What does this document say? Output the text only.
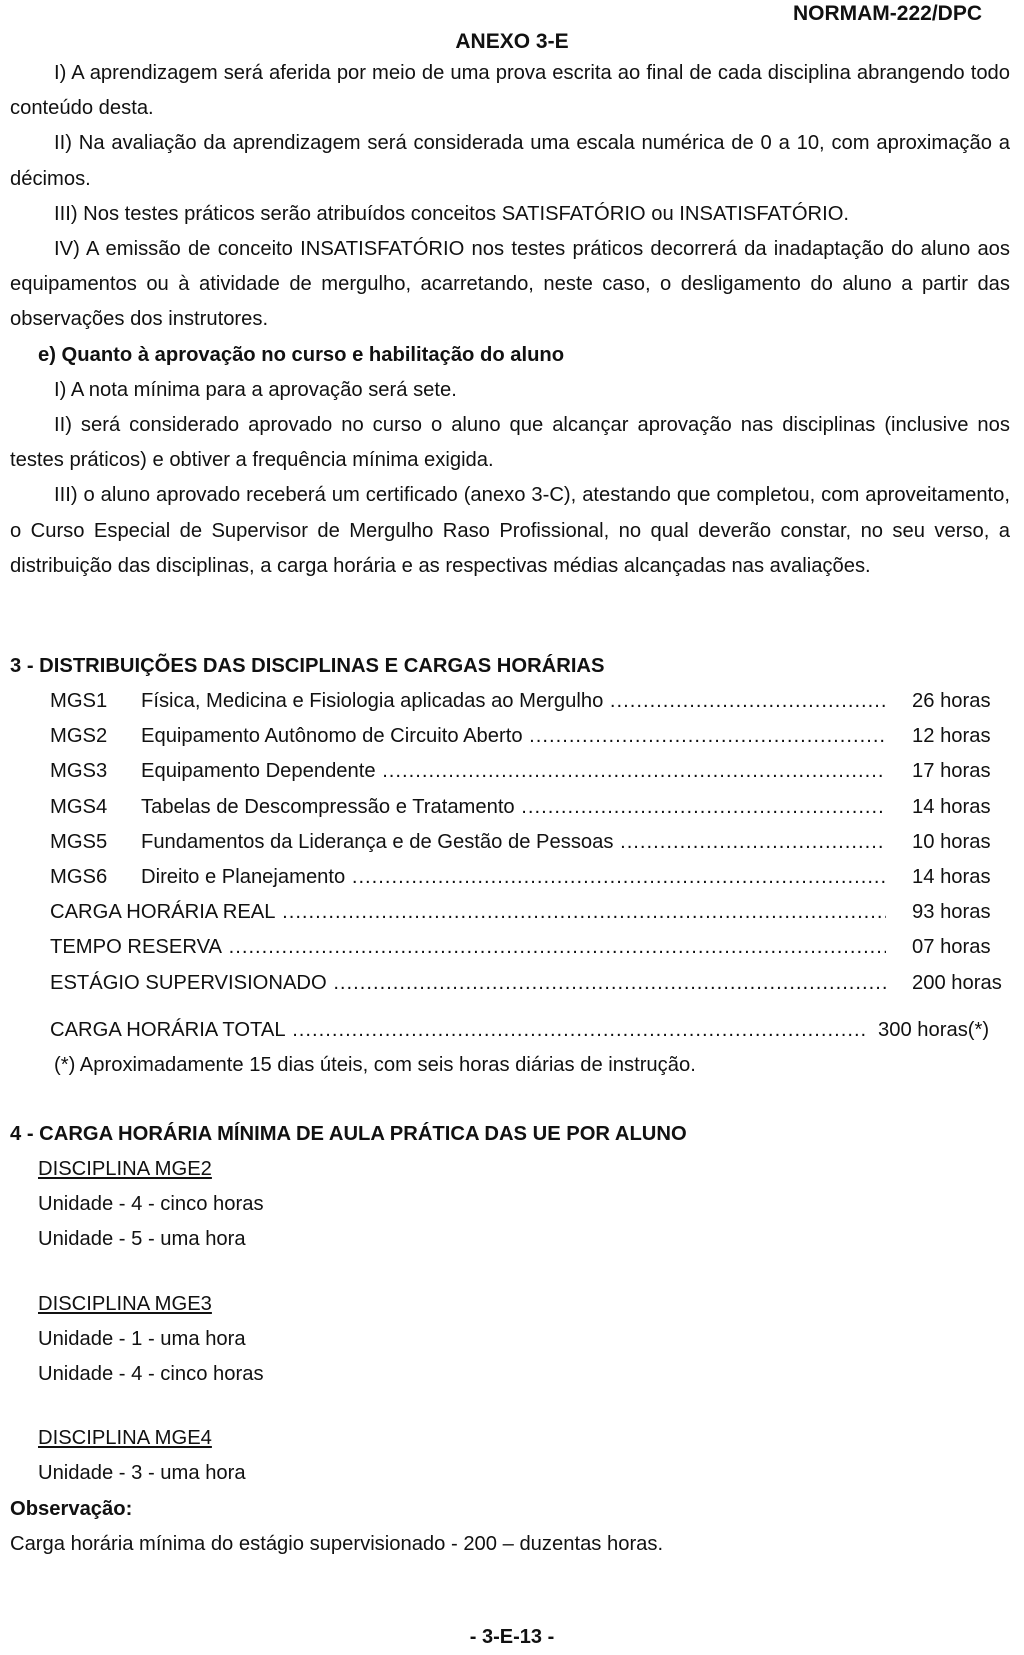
NORMAM-222/DPC
ANEXO 3-E

I) A aprendizagem será aferida por meio de uma prova escrita ao final de cada disciplina abrangendo todo conteúdo desta.

II) Na avaliação da aprendizagem será considerada uma escala numérica de 0 a 10, com aproximação a décimos.

III) Nos testes práticos serão atribuídos conceitos SATISFATÓRIO ou INSATISFATÓRIO.

IV) A emissão de conceito INSATISFATÓRIO nos testes práticos decorrerá da inadaptação do aluno aos equipamentos ou à atividade de mergulho, acarretando, neste caso, o desligamento do aluno a partir das observações dos instrutores.

e) Quanto à aprovação no curso e habilitação do aluno

I) A nota mínima para a aprovação será sete.

II) será considerado aprovado no curso o aluno que alcançar aprovação nas disciplinas (inclusive nos testes práticos) e obtiver a frequência mínima exigida.

III) o aluno aprovado receberá um certificado (anexo 3-C), atestando que completou, com aproveitamento, o Curso Especial de Supervisor de Mergulho Raso Profissional, no qual deverão constar, no seu verso, a distribuição das disciplinas, a carga horária e as respectivas médias alcançadas nas avaliações.

3 - DISTRIBUIÇÕES DAS DISCIPLINAS E CARGAS HORÁRIAS
MGS1 Física, Medicina e Fisiologia aplicadas ao Mergulho .....	26 horas
MGS2 Equipamento Autônomo de Circuito Aberto .....	12 horas
MGS3 Equipamento Dependente .....	17 horas
MGS4 Tabelas de Descompressão e Tratamento .....	14 horas
MGS5 Fundamentos da Liderança e de Gestão de Pessoas .....	10 horas
MGS6 Direito e Planejamento .....	14 horas
CARGA HORÁRIA REAL .....	93 horas
TEMPO RESERVA .....	07 horas
ESTÁGIO SUPERVISIONADO .....	200 horas
CARGA HORÁRIA TOTAL .....	300 horas(*)
(*) Aproximadamente 15 dias úteis, com seis horas diárias de instrução.
4 - CARGA HORÁRIA MÍNIMA DE AULA PRÁTICA DAS UE POR ALUNO
DISCIPLINA MGE2
Unidade - 4 - cinco horas
Unidade - 5 - uma hora
DISCIPLINA MGE3
Unidade - 1 - uma hora
Unidade - 4 - cinco horas
DISCIPLINA MGE4
Unidade - 3 - uma hora
Observação:
Carga horária mínima do estágio supervisionado - 200 – duzentas horas.
- 3-E-13 -
